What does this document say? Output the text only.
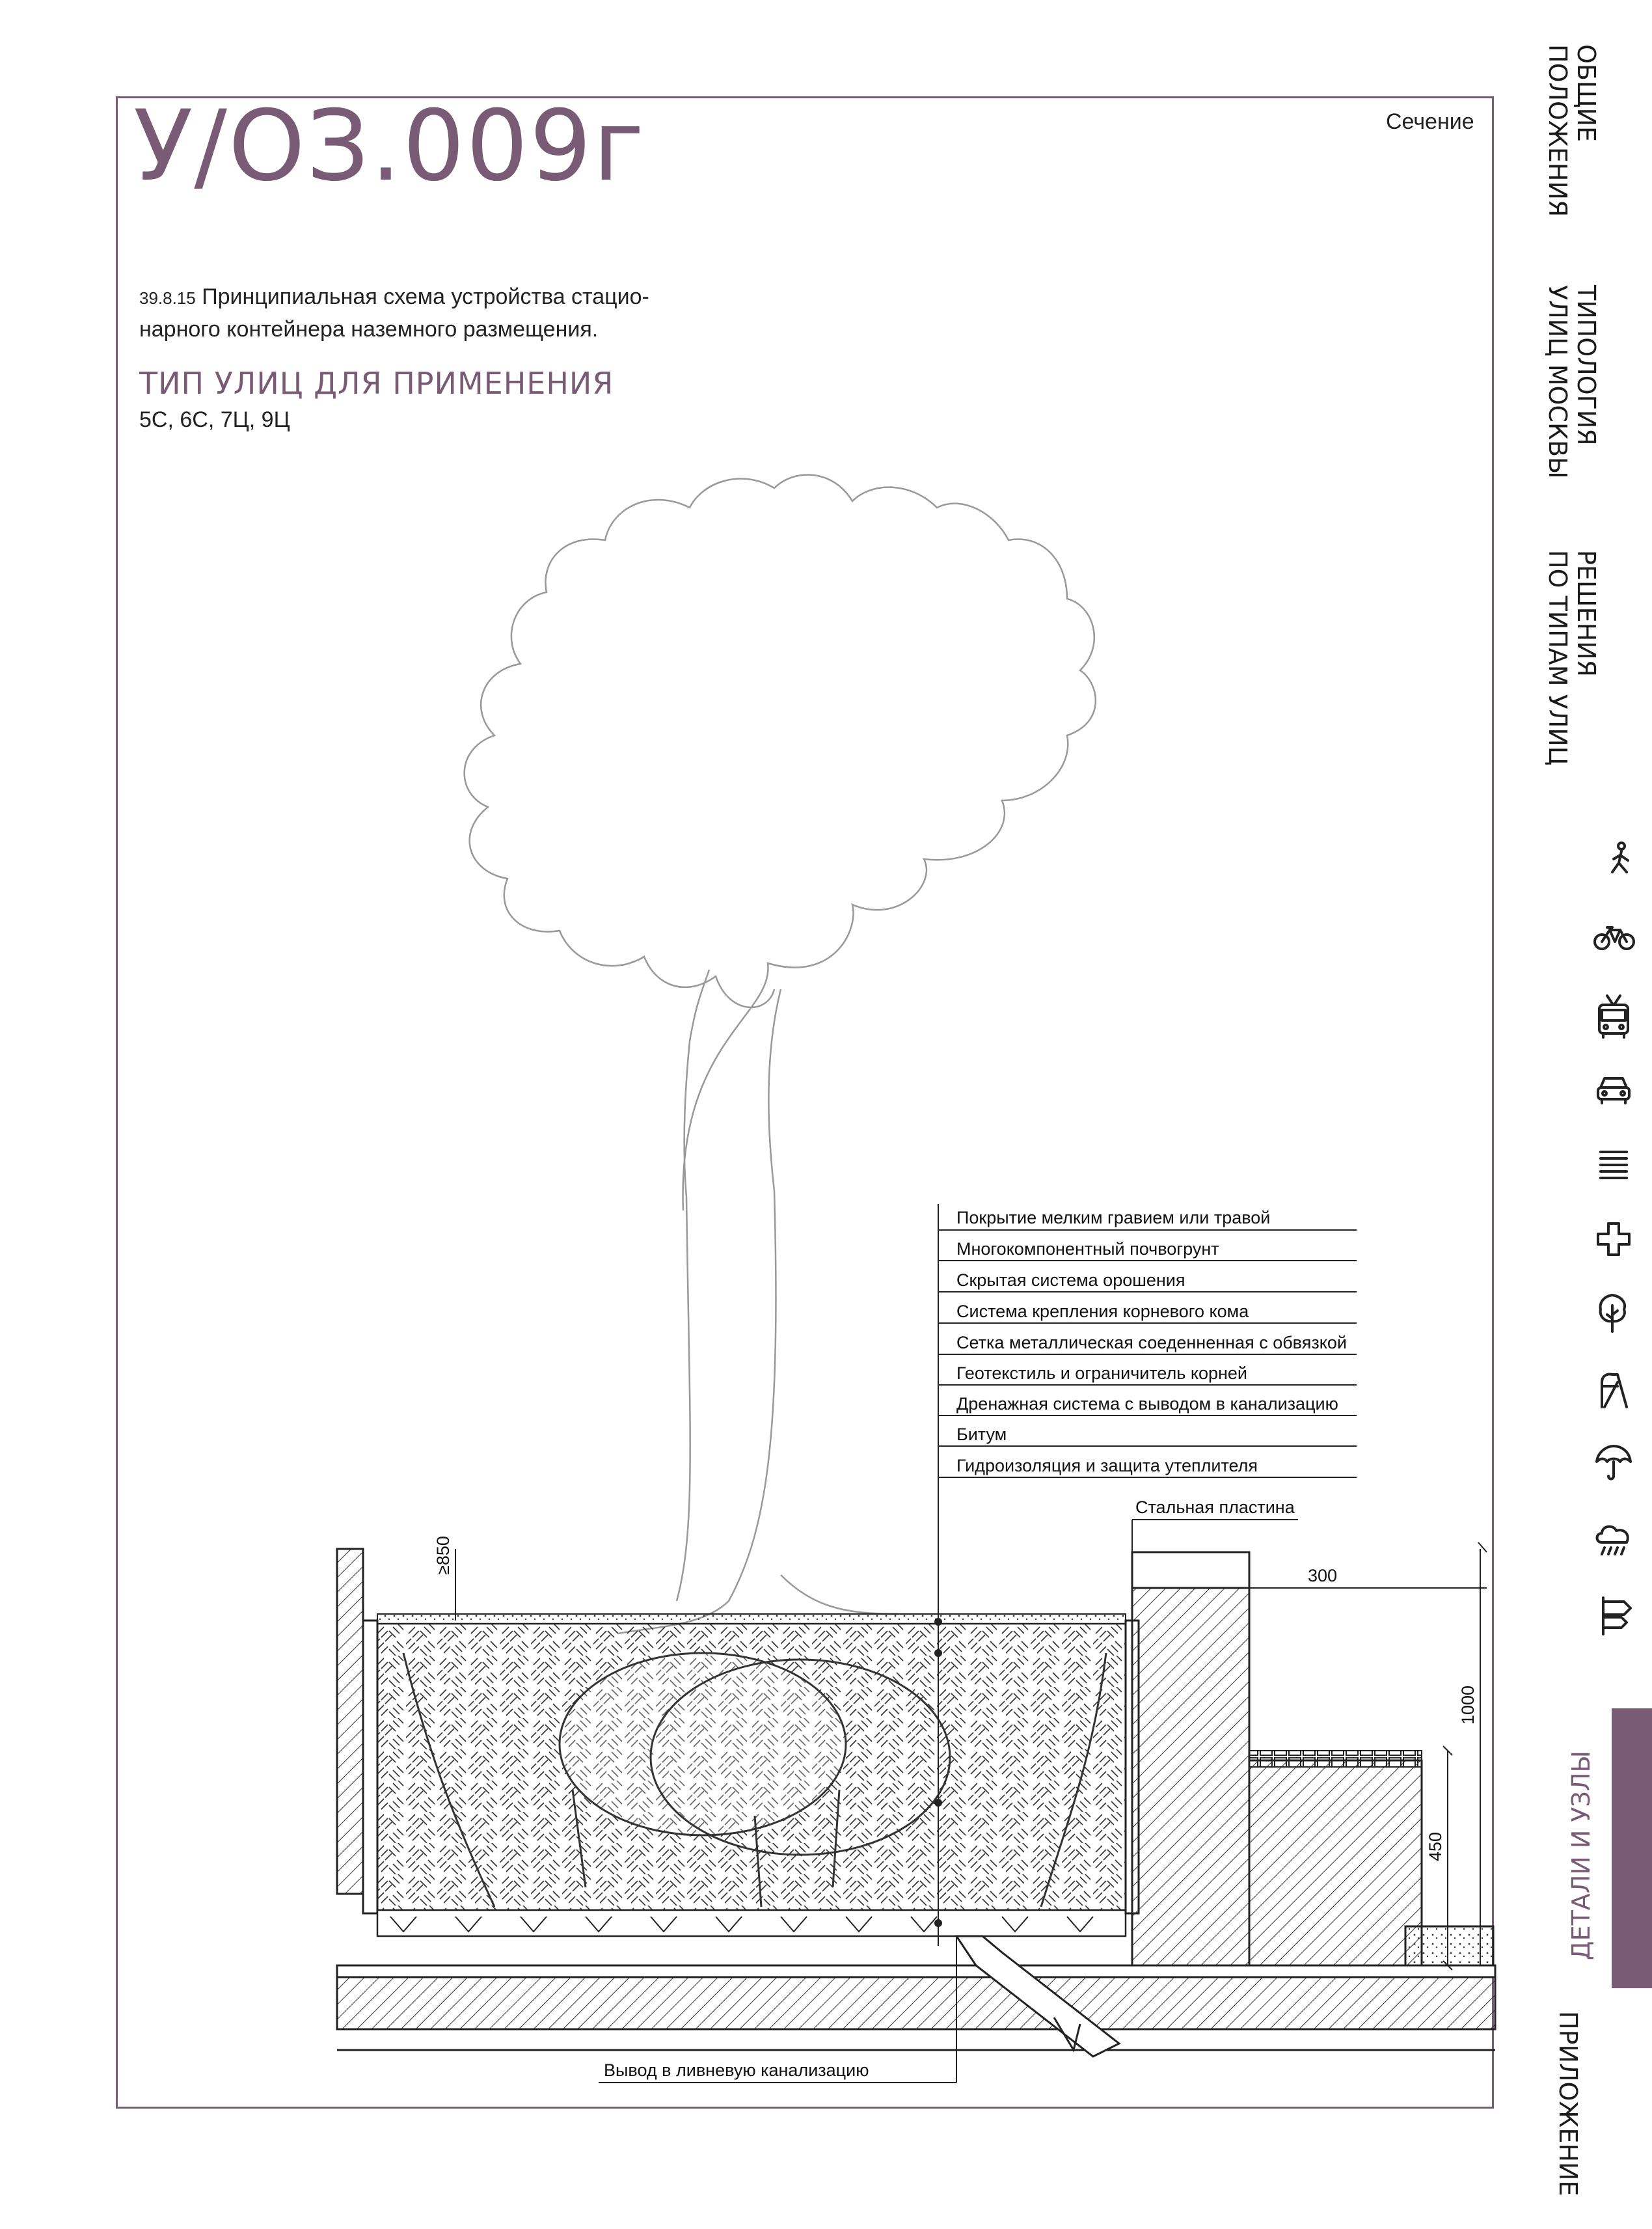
У/ОЗ.009г	Сечение
39.8.15 Принципиальная схема устройства стацио-
нарного контейнера наземного размещения.
ТИП УЛИЦ ДЛЯ ПРИМЕНЕНИЯ
5С, 6С, 7Ц, 9Ц
ОБЩИЕ
ПОЛОЖЕНИЯ
ТИПОЛОГИЯ
УЛИЦ МОСКВЫ
РЕШЕНИЯ
ПО ТИПАМ УЛИЦ
ДЕТАЛИ И УЗЛЫ
ПРИЛОЖЕНИЕ
Покрытие мелким гравием или травой
Многокомпонентный почвогрунт
Скрытая система орошения
Система крепления корневого кома
Сетка металлическая соеденненная с обвязкой
Геотекстиль и ограничитель корней
Дренажная система с выводом в канализацию
Битум
Гидроизоляция и защита утеплителя
Стальная пластина
Вывод в ливневую канализацию
300
≥850
1000
450
